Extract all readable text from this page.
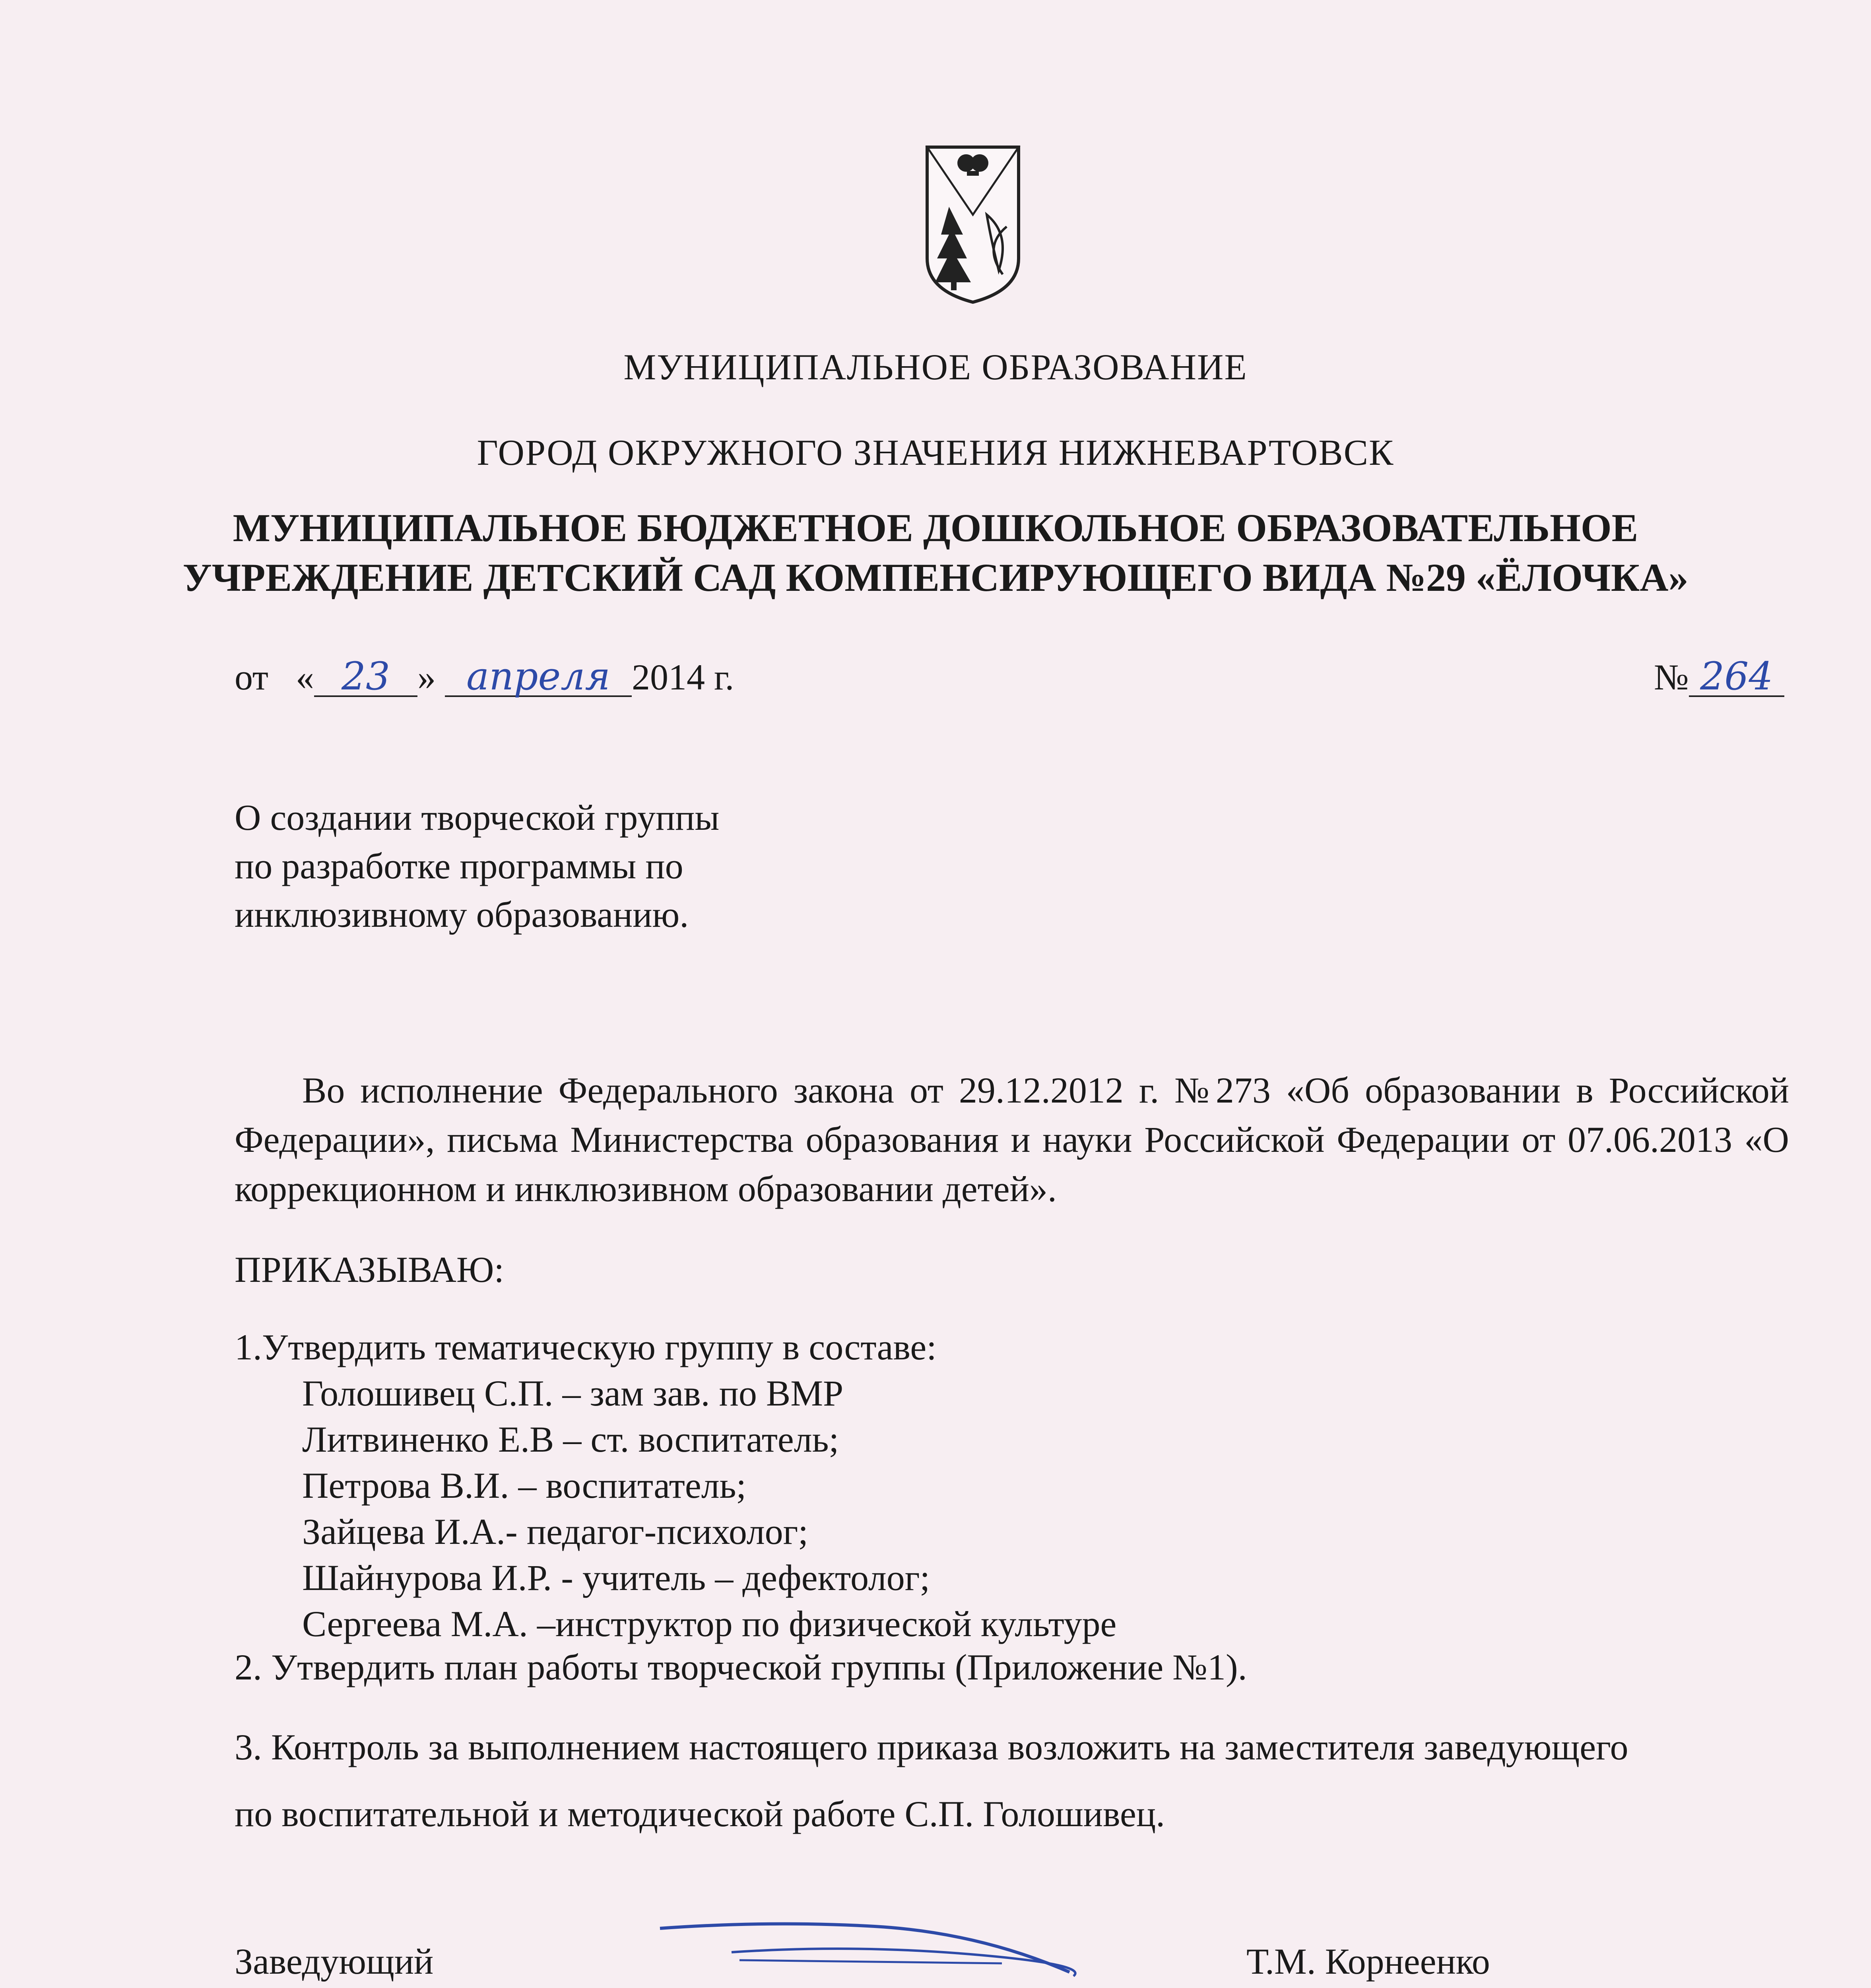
МУНИЦИПАЛЬНОЕ ОБРАЗОВАНИЕ
ГОРОД ОКРУЖНОГО ЗНАЧЕНИЯ НИЖНЕВАРТОВСК
МУНИЦИПАЛЬНОЕ БЮДЖЕТНОЕ ДОШКОЛЬНОЕ ОБРАЗОВАТЕЛЬНОЕ
УЧРЕЖДЕНИЕ ДЕТСКИЙ САД КОМПЕНСИРУЮЩЕГО ВИДА №29 «ЁЛОЧКА»
от « 23 » апреля 2014 г.	№ 264
О создании творческой группы
по разработке программы по
инклюзивному образованию.
Во исполнение Федерального закона от 29.12.2012 г. №273 «Об образовании в Российской Федерации», письма Министерства образования и науки Российской Федерации от 07.06.2013 «О коррекционном и инклюзивном образовании детей».
ПРИКАЗЫВАЮ:
1.Утвердить тематическую группу в составе:
Голошивец С.П. – зам зав. по ВМР
Литвиненко Е.В – ст. воспитатель;
Петрова В.И. – воспитатель;
Зайцева И.А.- педагог-психолог;
Шайнурова И.Р. - учитель – дефектолог;
Сергеева М.А. –инструктор по физической культуре
2. Утвердить план работы творческой группы (Приложение №1).
3. Контроль за выполнением настоящего приказа возложить на заместителя заведующего
по воспитательной и методической работе С.П. Голошивец.
Заведующий	Т.М. Корнеенко
